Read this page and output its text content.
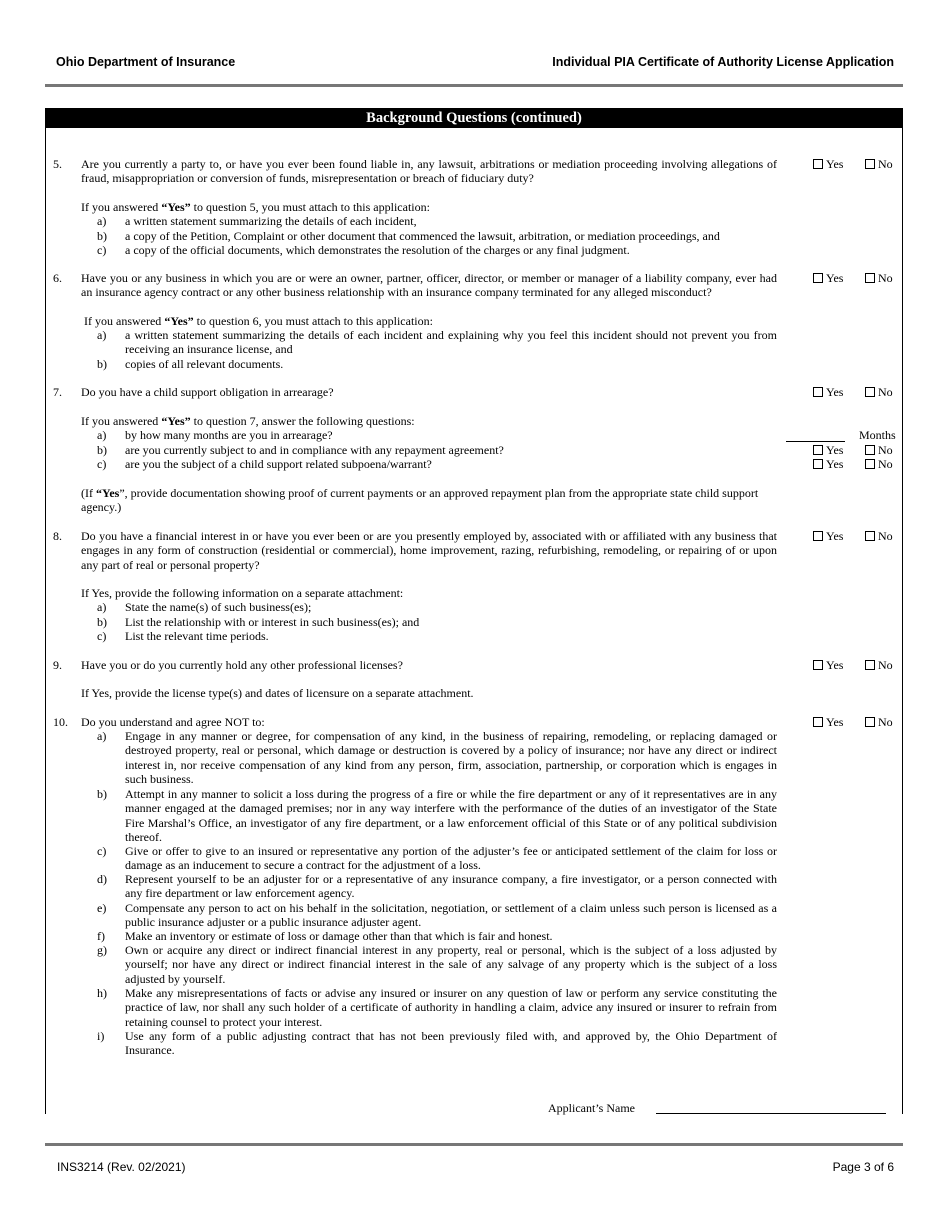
Ohio Department of Insurance	Individual PIA Certificate of Authority License Application
Background Questions (continued)
5. Are you currently a party to, or have you ever been found liable in, any lawsuit, arbitrations or mediation proceeding involving allegations of fraud, misappropriation or conversion of funds, misrepresentation or breach of fiduciary duty?
Yes	No
If you answered “Yes” to question 5, you must attach to this application:
a) a written statement summarizing the details of each incident,
b) a copy of the Petition, Complaint or other document that commenced the lawsuit, arbitration, or mediation proceedings, and
c) a copy of the official documents, which demonstrates the resolution of the charges or any final judgment.
6. Have you or any business in which you are or were an owner, partner, officer, director, or member or manager of a liability company, ever had an insurance agency contract or any other business relationship with an insurance company terminated for any alleged misconduct?
Yes	No
If you answered “Yes” to question 6, you must attach to this application:
a) a written statement summarizing the details of each incident and explaining why you feel this incident should not prevent you from receiving an insurance license, and
b) copies of all relevant documents.
7. Do you have a child support obligation in arrearage?	Yes	No
If you answered “Yes” to question 7, answer the following questions:
a) by how many months are you in arrearage?	Months
b) are you currently subject to and in compliance with any repayment agreement?	Yes	No
c) are you the subject of a child support related subpoena/warrant?	Yes	No
(If “Yes”, provide documentation showing proof of current payments or an approved repayment plan from the appropriate state child support agency.)
8. Do you have a financial interest in or have you ever been or are you presently employed by, associated with or affiliated with any business that engages in any form of construction (residential or commercial), home improvement, razing, refurbishing, remodeling, or repairing of or upon any part of real or personal property?
Yes	No
If Yes, provide the following information on a separate attachment:
a) State the name(s) of such business(es);
b) List the relationship with or interest in such business(es); and
c) List the relevant time periods.
9. Have you or do you currently hold any other professional licenses?	Yes	No
If Yes, provide the license type(s) and dates of licensure on a separate attachment.
10. Do you understand and agree NOT to:	Yes	No
a) Engage in any manner or degree, for compensation of any kind, in the business of repairing, remodeling, or replacing damaged or destroyed property, real or personal, which damage or destruction is covered by a policy of insurance; nor have any direct or indirect interest in, nor receive compensation of any kind from any person, firm, association, partnership, or corporation which is engages in such business.
b) Attempt in any manner to solicit a loss during the progress of a fire or while the fire department or any of it representatives are in any manner engaged at the damaged premises; nor in any way interfere with the performance of the duties of an investigator of the State Fire Marshal’s Office, an investigator of any fire department, or a law enforcement official of this State or of any political subdivision thereof.
c) Give or offer to give to an insured or representative any portion of the adjuster’s fee or anticipated settlement of the claim for loss or damage as an inducement to secure a contract for the adjustment of a loss.
d) Represent yourself to be an adjuster for or a representative of any insurance company, a fire investigator, or a person connected with any fire department or law enforcement agency.
e) Compensate any person to act on his behalf in the solicitation, negotiation, or settlement of a claim unless such person is licensed as a public insurance adjuster or a public insurance adjuster agent.
f) Make an inventory or estimate of loss or damage other than that which is fair and honest.
g) Own or acquire any direct or indirect financial interest in any property, real or personal, which is the subject of a loss adjusted by yourself; nor have any direct or indirect financial interest in the sale of any salvage of any property which is the subject of a loss adjusted by yourself.
h) Make any misrepresentations of facts or advise any insured or insurer on any question of law or perform any service constituting the practice of law, nor shall any such holder of a certificate of authority in handling a claim, advice any insured or insurer to refrain from retaining counsel to protect your interest.
i) Use any form of a public adjusting contract that has not been previously filed with, and approved by, the Ohio Department of Insurance.
Applicant’s Name
INS3214 (Rev. 02/2021)	Page 3 of 6
